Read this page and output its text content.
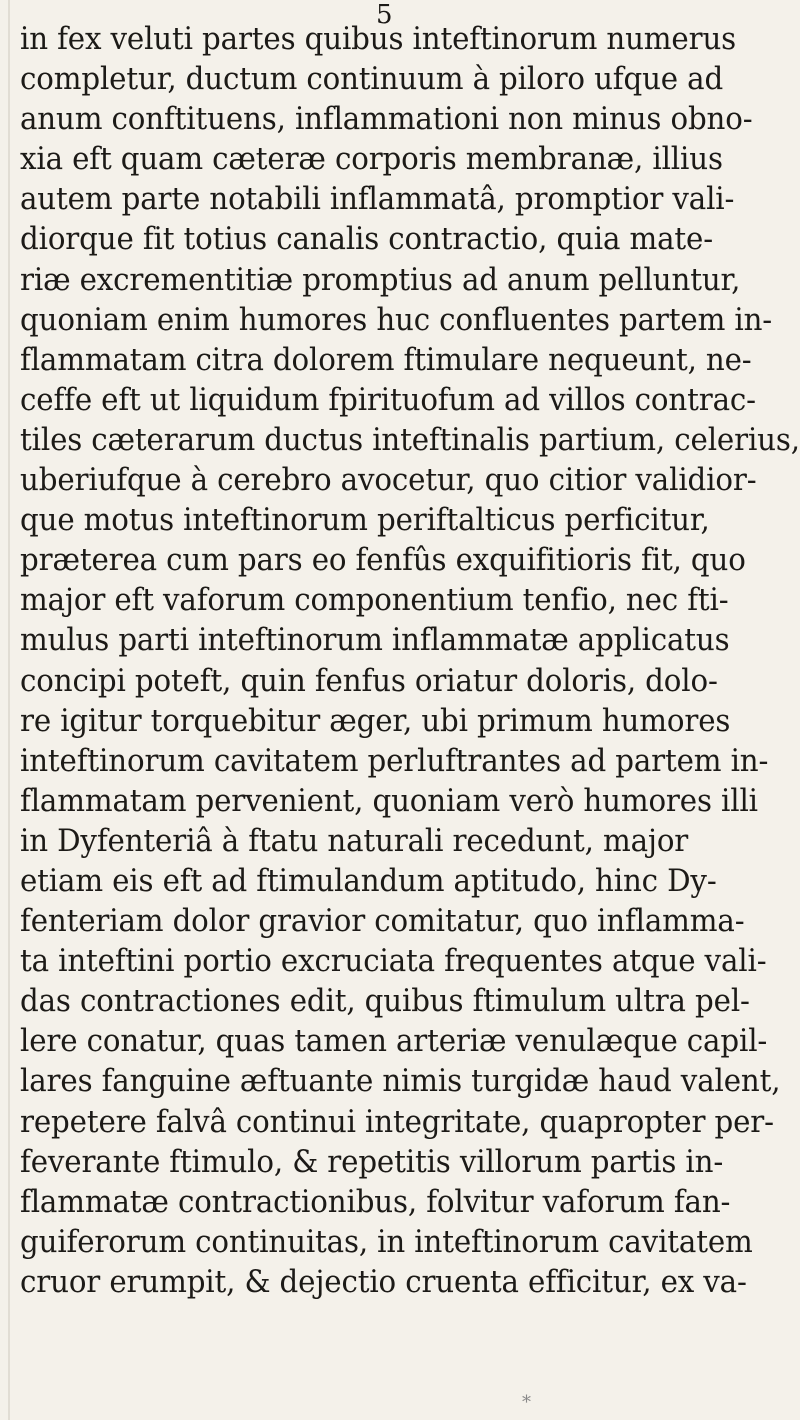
5
in fex veluti partes quibus inteftinorum numerus
completur, ductum continuum à piloro ufque ad
anum conftituens, inflammationi non minus obno-
xia eft quam cæteræ corporis membranæ, illius
autem parte notabili inflammatâ, promptior vali-
diorque fit totius canalis contractio, quia mate-
riæ excrementitiæ promptius ad anum pelluntur,
quoniam enim humores huc confluentes partem in-
flammatam citra dolorem ftimulare nequeunt, ne-
ceffe eft ut liquidum fpirituofum ad villos contrac-
tiles cæterarum ductus inteftinalis partium, celerius,
uberiufque à cerebro avocetur, quo citior validior-
que motus inteftinorum periftalticus perficitur,
præterea cum pars eo fenfûs exquifitioris fit, quo
major eft vaforum componentium tenfio, nec fti-
mulus parti inteftinorum inflammatæ applicatus
concipi poteft, quin fenfus oriatur doloris, dolo-
re igitur torquebitur æger, ubi primum humores
inteftinorum cavitatem perluftrantes ad partem in-
flammatam pervenient, quoniam verò humores illi
in Dyfenteriâ à ftatu naturali recedunt, major
etiam eis eft ad ftimulandum aptitudo, hinc Dy-
fenteriam dolor gravior comitatur, quo inflamma-
ta inteftini portio excruciata frequentes atque vali-
das contractiones edit, quibus ftimulum ultra pel-
lere conatur, quas tamen arteriæ venulæque capil-
lares fanguine æftuante nimis turgidæ haud valent,
repetere falvâ continui integritate, quapropter per-
feverante ftimulo, & repetitis villorum partis in-
flammatæ contractionibus, folvitur vaforum fan-
guiferorum continuitas, in inteftinorum cavitatem
cruor erumpit, & dejectio cruenta efficitur, ex va-
*
